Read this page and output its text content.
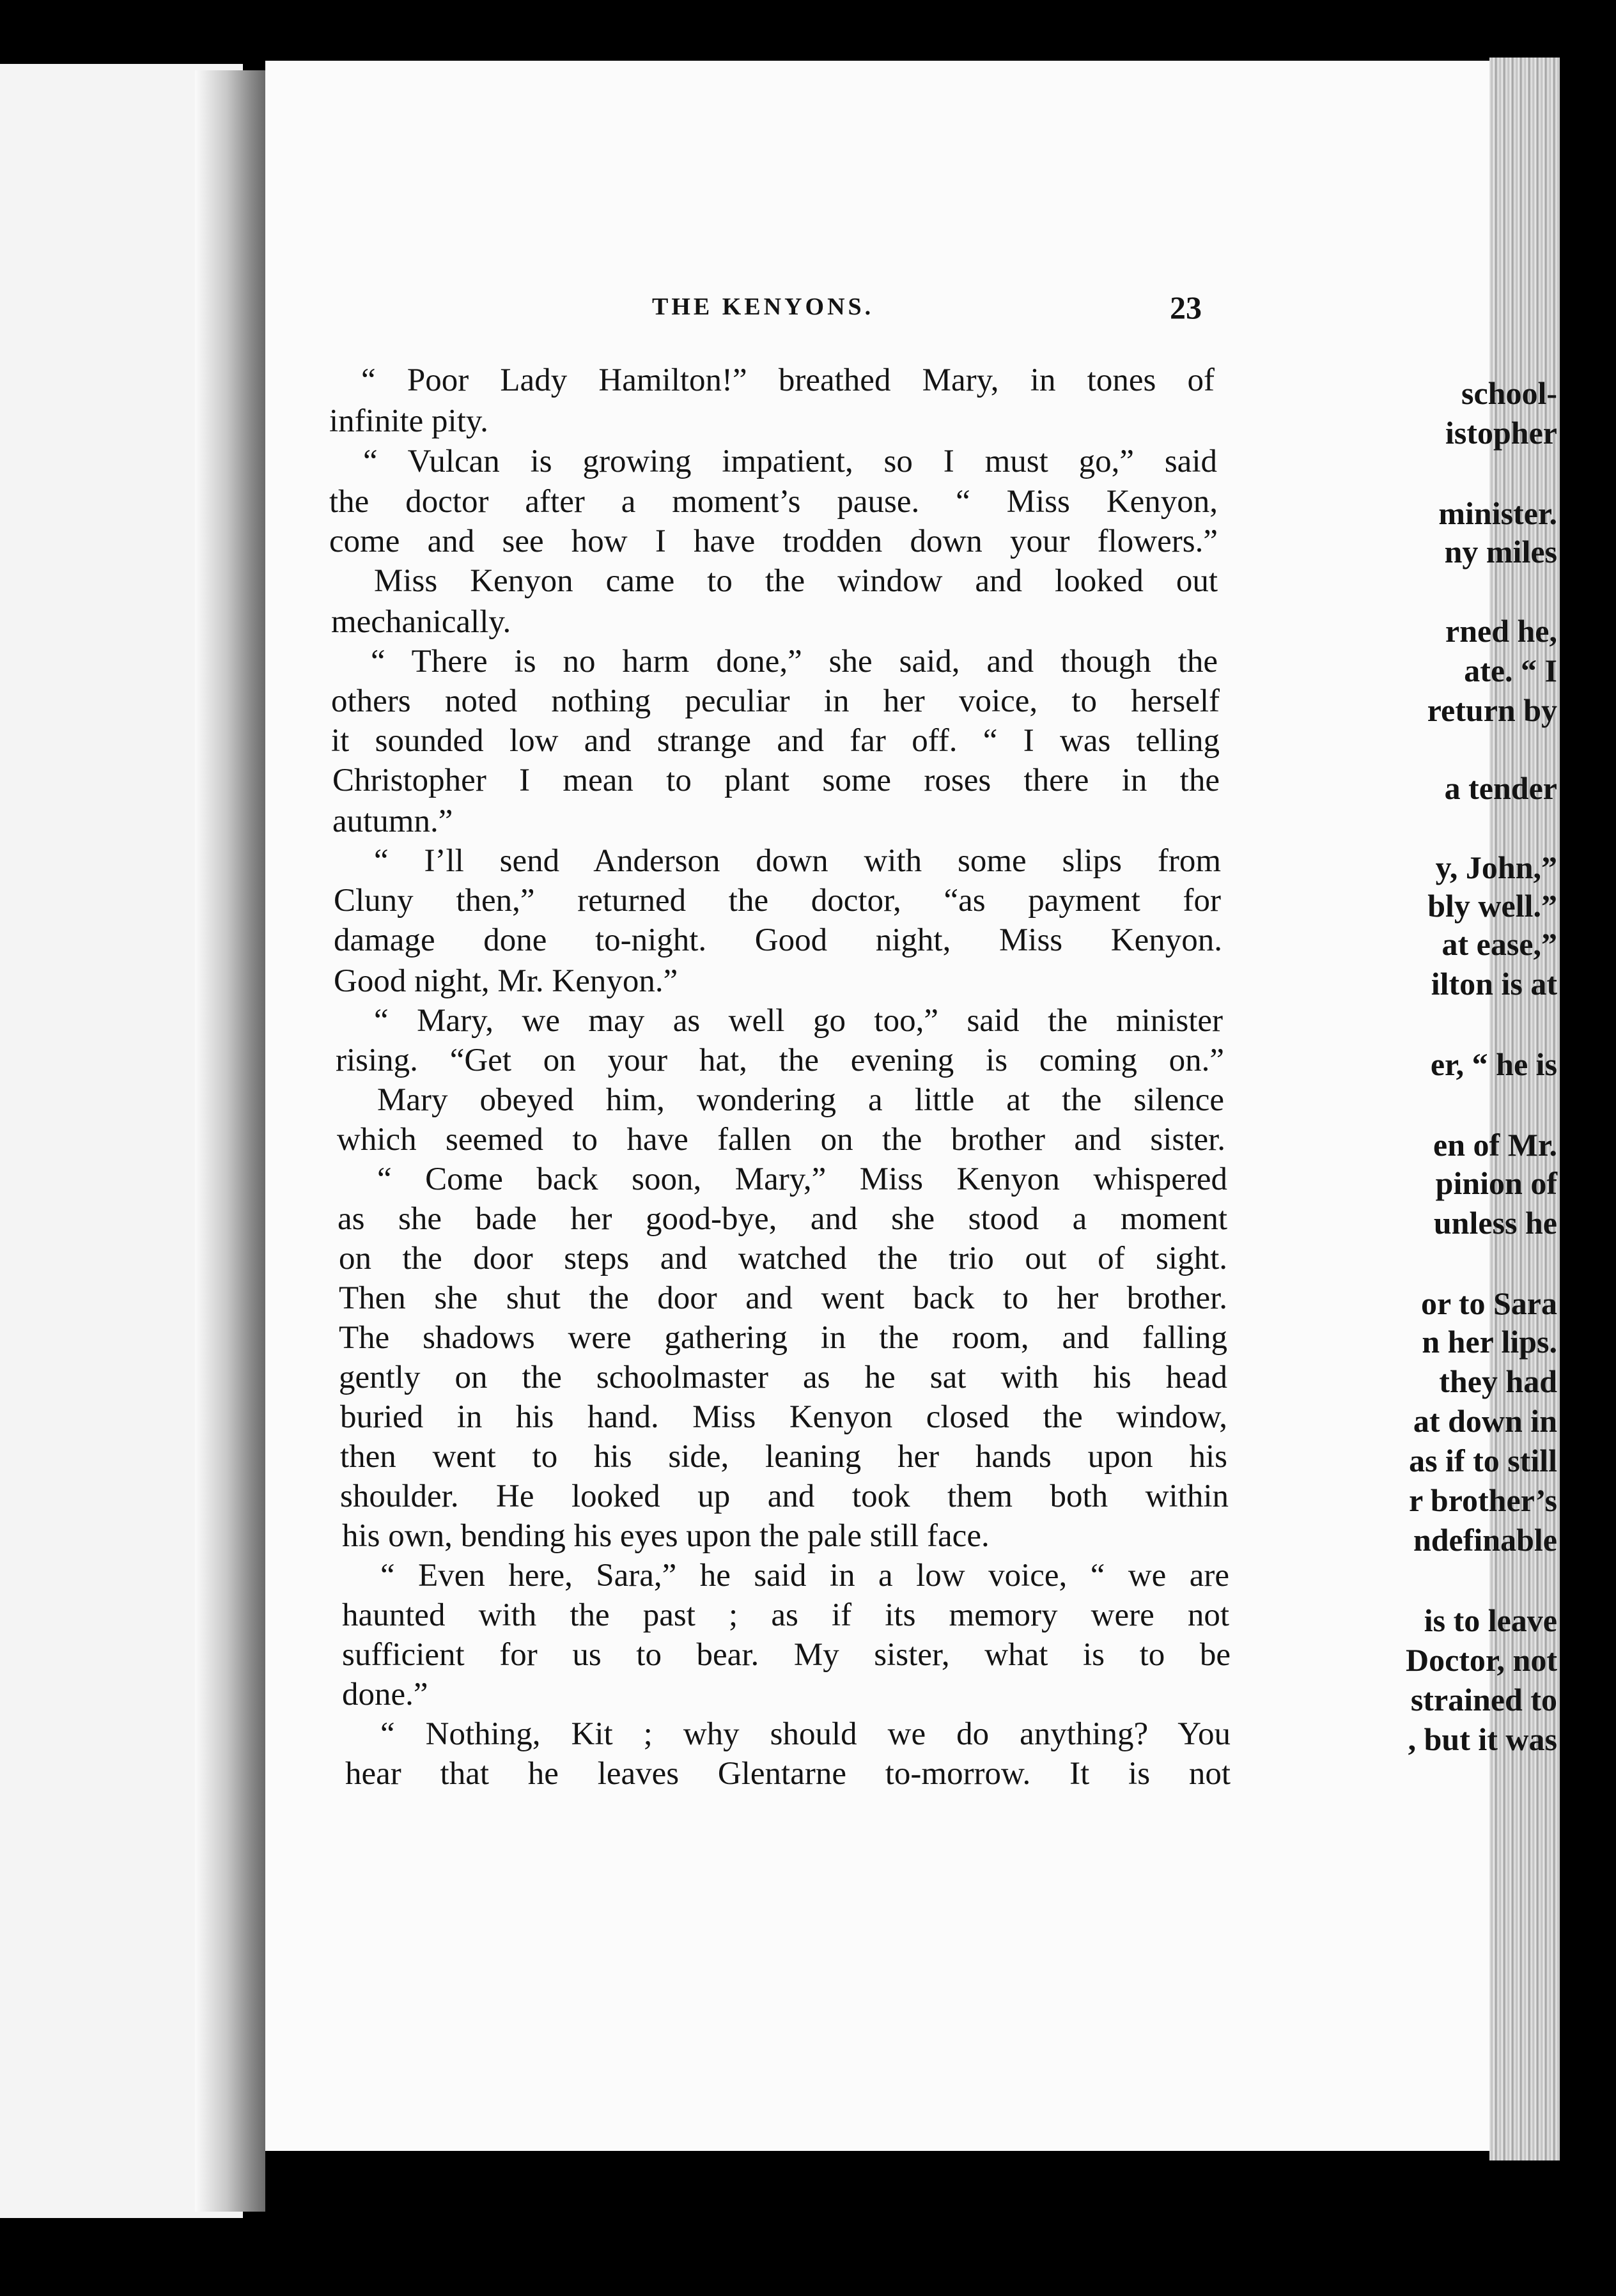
school-

istopher

minister.

ny miles

rned he,

ate. “ I

return by

a tender

y, John,”

bly well.”

at ease,”

ilton is at

er, “ he is

en of Mr.

pinion of

unless he

or to Sara

n her lips.

they had

at down in

as if to still

r brother’s

ndefinable

is to leave

Doctor, not

strained to

, but it was

THE KENYONS.	23

“ Poor Lady Hamilton!” breathed Mary, in tones of

infinite pity.

“ Vulcan is growing impatient, so I must go,” said

the doctor after a moment’s pause. “ Miss Kenyon,

come and see how I have trodden down your flowers.”

Miss Kenyon came to the window and looked out

mechanically.

“ There is no harm done,” she said, and though the

others noted nothing peculiar in her voice, to herself

it sounded low and strange and far off. “ I was telling

Christopher I mean to plant some roses there in the

autumn.”

“ I’ll send Anderson down with some slips from

Cluny then,” returned the doctor, “as payment for

damage done to-night. Good night, Miss Kenyon.

Good night, Mr. Kenyon.”

“ Mary, we may as well go too,” said the minister

rising. “Get on your hat, the evening is coming on.”

Mary obeyed him, wondering a little at the silence

which seemed to have fallen on the brother and sister.

“ Come back soon, Mary,” Miss Kenyon whispered

as she bade her good-bye, and she stood a moment

on the door steps and watched the trio out of sight.

Then she shut the door and went back to her brother.

The shadows were gathering in the room, and falling

gently on the schoolmaster as he sat with his head

buried in his hand. Miss Kenyon closed the window,

then went to his side, leaning her hands upon his

shoulder. He looked up and took them both within

his own, bending his eyes upon the pale still face.

“ Even here, Sara,” he said in a low voice, “ we are

haunted with the past ; as if its memory were not

sufficient for us to bear. My sister, what is to be

done.”

“ Nothing, Kit ; why should we do anything? You

hear that he leaves Glentarne to-morrow. It is not
